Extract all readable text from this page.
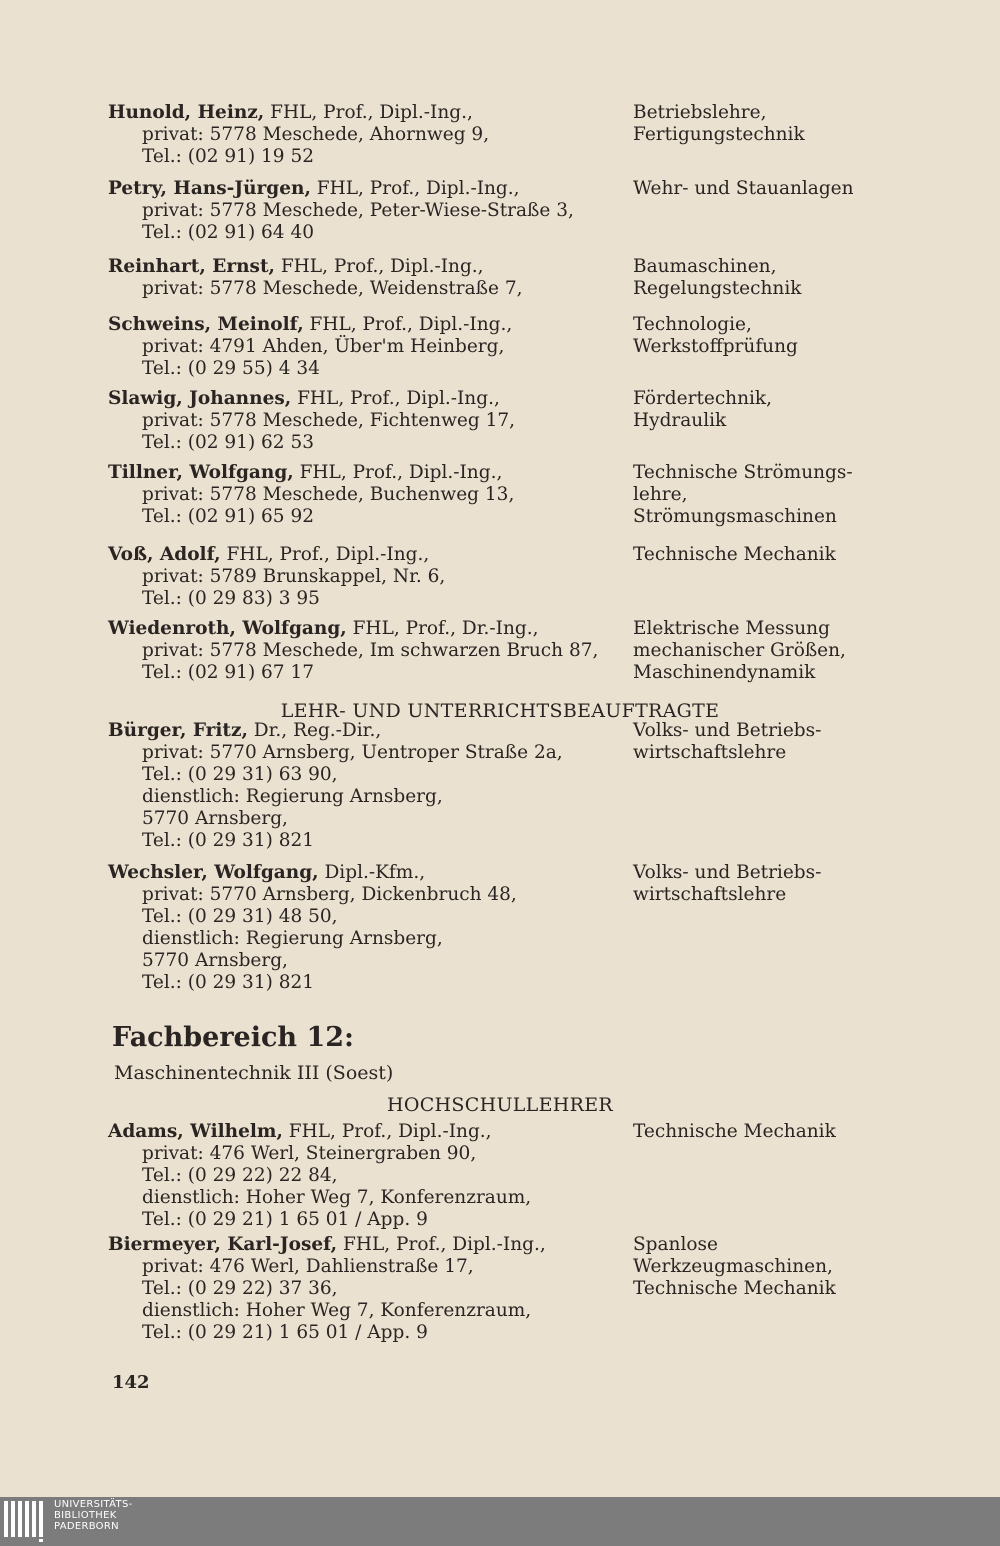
Hunold, Heinz, FHL, Prof., Dipl.-Ing.,
privat: 5778 Meschede, Ahornweg 9,
Tel.: (02 91) 19 52
Betriebslehre,
Fertigungstechnik
Petry, Hans-Jürgen, FHL, Prof., Dipl.-Ing.,
privat: 5778 Meschede, Peter-Wiese-Straße 3,
Tel.: (02 91) 64 40
Wehr- und Stauanlagen
Reinhart, Ernst, FHL, Prof., Dipl.-Ing.,
privat: 5778 Meschede, Weidenstraße 7,
Baumaschinen,
Regelungstechnik
Schweins, Meinolf, FHL, Prof., Dipl.-Ing.,
privat: 4791 Ahden, Über'm Heinberg,
Tel.: (0 29 55) 4 34
Technologie,
Werkstoffprüfung
Slawig, Johannes, FHL, Prof., Dipl.-Ing.,
privat: 5778 Meschede, Fichtenweg 17,
Tel.: (02 91) 62 53
Fördertechnik,
Hydraulik
Tillner, Wolfgang, FHL, Prof., Dipl.-Ing.,
privat: 5778 Meschede, Buchenweg 13,
Tel.: (02 91) 65 92
Technische Strömungs-
lehre,
Strömungsmaschinen
Voß, Adolf, FHL, Prof., Dipl.-Ing.,
privat: 5789 Brunskappel, Nr. 6,
Tel.: (0 29 83) 3 95
Technische Mechanik
Wiedenroth, Wolfgang, FHL, Prof., Dr.-Ing.,
privat: 5778 Meschede, Im schwarzen Bruch 87,
Tel.: (02 91) 67 17
Elektrische Messung
mechanischer Größen,
Maschinendynamik
LEHR- UND UNTERRICHTSBEAUFTRAGTE
Bürger, Fritz, Dr., Reg.-Dir.,
privat: 5770 Arnsberg, Uentroper Straße 2a,
Tel.: (0 29 31) 63 90,
dienstlich: Regierung Arnsberg,
5770 Arnsberg,
Tel.: (0 29 31) 821
Volks- und Betriebs-
wirtschaftslehre
Wechsler, Wolfgang, Dipl.-Kfm.,
privat: 5770 Arnsberg, Dickenbruch 48,
Tel.: (0 29 31) 48 50,
dienstlich: Regierung Arnsberg,
5770 Arnsberg,
Tel.: (0 29 31) 821
Volks- und Betriebs-
wirtschaftslehre
Fachbereich 12:
Maschinentechnik III (Soest)
HOCHSCHULLEHRER
Adams, Wilhelm, FHL, Prof., Dipl.-Ing.,
privat: 476 Werl, Steinergraben 90,
Tel.: (0 29 22) 22 84,
dienstlich: Hoher Weg 7, Konferenzraum,
Tel.: (0 29 21) 1 65 01 / App. 9
Technische Mechanik
Biermeyer, Karl-Josef, FHL, Prof., Dipl.-Ing.,
privat: 476 Werl, Dahlienstraße 17,
Tel.: (0 29 22) 37 36,
dienstlich: Hoher Weg 7, Konferenzraum,
Tel.: (0 29 21) 1 65 01 / App. 9
Spanlose
Werkzeugmaschinen,
Technische Mechanik
142
UNIVERSITÄTS-
BIBLIOTHEK
PADERBORN
